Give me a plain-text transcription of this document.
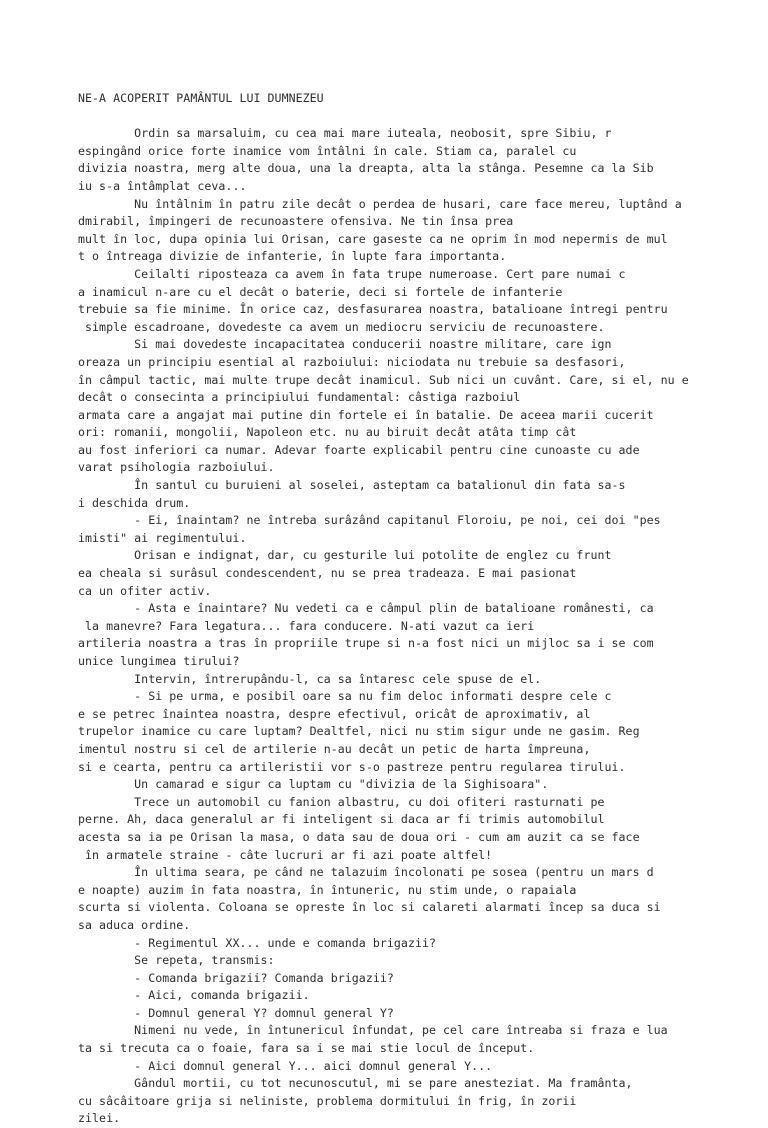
NE-A ACOPERIT PAMÂNTUL LUI DUMNEZEU
Ordin sa marsaluim, cu cea mai mare iuteala, neobosit, spre Sibiu, r
espingând orice forte inamice vom întâlni în cale. Stiam ca, paralel cu
divizia noastra, merg alte doua, una la dreapta, alta la stânga. Pesemne ca la Sib
iu s-a întâmplat ceva...
Nu întâlnim în patru zile decât o perdea de husari, care face mereu, luptând a
dmirabil, împingeri de recunoastere ofensiva. Ne tin însa prea
mult în loc, dupa opinia lui Orisan, care gaseste ca ne oprim în mod nepermis de mul
t o întreaga divizie de infanterie, în lupte fara importanta.
Ceilalti riposteaza ca avem în fata trupe numeroase. Cert pare numai c
a inamicul n-are cu el decât o baterie, deci si fortele de infanterie
trebuie sa fie minime. În orice caz, desfasurarea noastra, batalioane întregi pentru
simple escadroane, dovedeste ca avem un mediocru serviciu de recunoastere.
Si mai dovedeste incapacitatea conducerii noastre militare, care ign
oreaza un principiu esential al razboiului: niciodata nu trebuie sa desfasori,
în câmpul tactic, mai multe trupe decât inamicul. Sub nici un cuvânt. Care, si el, nu e
decât o consecinta a principiului fundamental: câstiga razboiul
armata care a angajat mai putine din fortele ei în batalie. De aceea marii cucerit
ori: romanii, mongolii, Napoleon etc. nu au biruit decât atâta timp cât
au fost inferiori ca numar. Adevar foarte explicabil pentru cine cunoaste cu ade
varat psihologia razboiului.
În santul cu buruieni al soselei, asteptam ca batalionul din fata sa-s
i deschida drum.
- Ei, înaintam? ne întreba surâzând capitanul Floroiu, pe noi, cei doi "pes
imisti" ai regimentului.
Orisan e indignat, dar, cu gesturile lui potolite de englez cu frunt
ea cheala si surâsul condescendent, nu se prea tradeaza. E mai pasionat
ca un ofiter activ.
- Asta e înaintare? Nu vedeti ca e câmpul plin de batalioane românesti, ca
la manevre? Fara legatura... fara conducere. N-ati vazut ca ieri
artileria noastra a tras în propriile trupe si n-a fost nici un mijloc sa i se com
unice lungimea tirului?
Intervin, întrerupându-l, ca sa întaresc cele spuse de el.
- Si pe urma, e posibil oare sa nu fim deloc informati despre cele c
e se petrec înaintea noastra, despre efectivul, oricât de aproximativ, al
trupelor inamice cu care luptam? Dealtfel, nici nu stim sigur unde ne gasim. Reg
imentul nostru si cel de artilerie n-au decât un petic de harta împreuna,
si e cearta, pentru ca artileristii vor s-o pastreze pentru regularea tirului.
Un camarad e sigur ca luptam cu "divizia de la Sighisoara".
Trece un automobil cu fanion albastru, cu doi ofiteri rasturnati pe
perne. Ah, daca generalul ar fi inteligent si daca ar fi trimis automobilul
acesta sa ia pe Orisan la masa, o data sau de doua ori - cum am auzit ca se face
în armatele straine - câte lucruri ar fi azi poate altfel!
În ultima seara, pe când ne talazuim încolonati pe sosea (pentru un mars d
e noapte) auzim în fata noastra, în întuneric, nu stim unde, o rapaiala
scurta si violenta. Coloana se opreste în loc si calareti alarmati încep sa duca si
sa aduca ordine.
- Regimentul XX... unde e comanda brigazii?
Se repeta, transmis:
- Comanda brigazii? Comanda brigazii?
- Aici, comanda brigazii.
- Domnul general Y? domnul general Y?
Nimeni nu vede, în întunericul înfundat, pe cel care întreaba si fraza e lua
ta si trecuta ca o foaie, fara sa i se mai stie locul de început.
- Aici domnul general Y... aici domnul general Y...
Gândul mortii, cu tot necunoscutul, mi se pare anesteziat. Ma framânta,
cu sâcâitoare grija si neliniste, problema dormitului în frig, în zorii
zilei.
